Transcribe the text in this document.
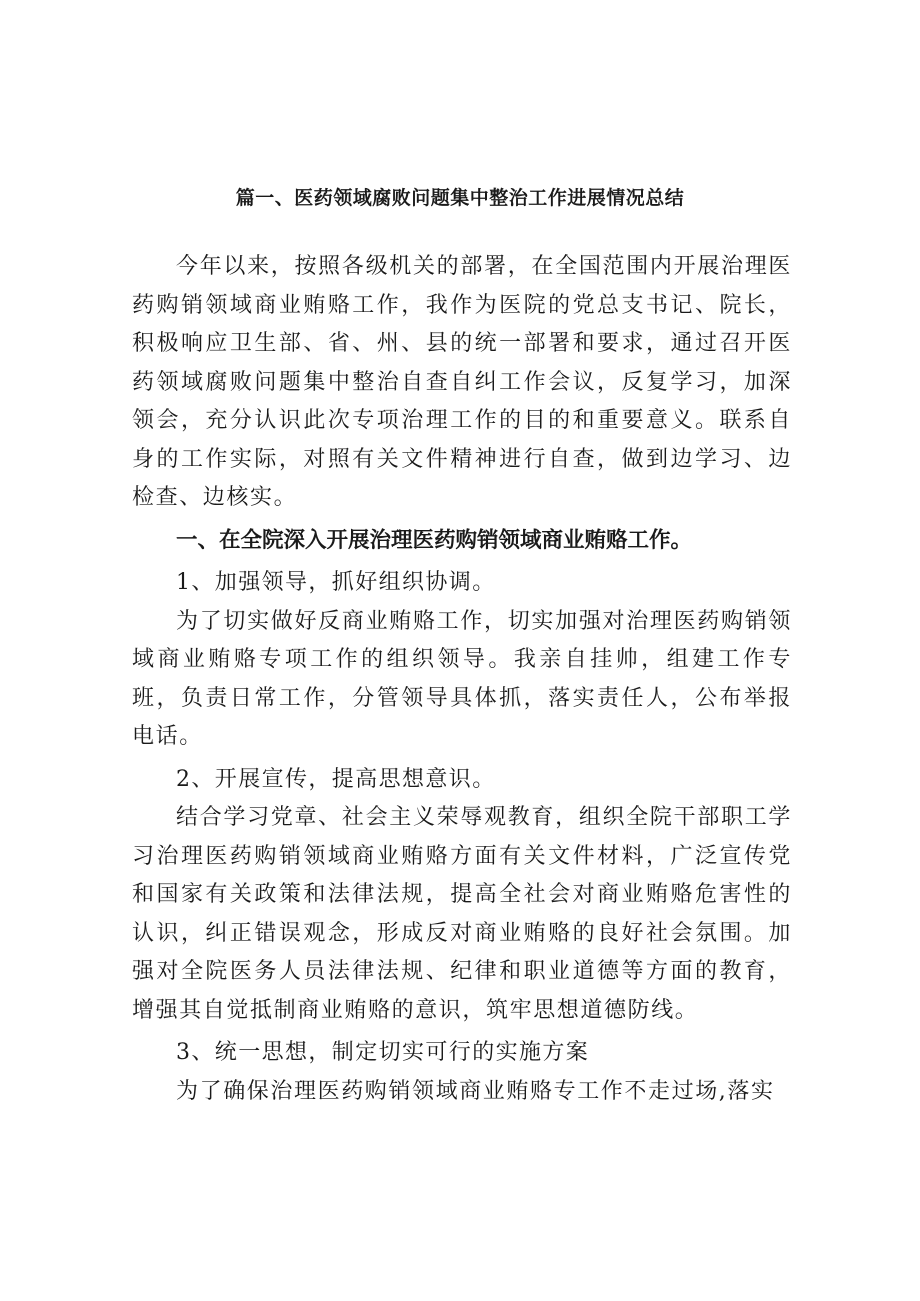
篇一、医药领域腐败问题集中整治工作进展情况总结

今年以来，按照各级机关的部署，在全国范围内开展治理医药购销领域商业贿赂工作，我作为医院的党总支书记、院长，积极响应卫生部、省、州、县的统一部署和要求，通过召开医药领域腐败问题集中整治自查自纠工作会议，反复学习，加深领会，充分认识此次专项治理工作的目的和重要意义。联系自身的工作实际，对照有关文件精神进行自查，做到边学习、边检查、边核实。

一、在全院深入开展治理医药购销领域商业贿赂工作。

1、加强领导，抓好组织协调。

为了切实做好反商业贿赂工作，切实加强对治理医药购销领域商业贿赂专项工作的组织领导。我亲自挂帅，组建工作专班，负责日常工作，分管领导具体抓，落实责任人，公布举报电话。

2、开展宣传，提高思想意识。

结合学习党章、社会主义荣辱观教育，组织全院干部职工学习治理医药购销领域商业贿赂方面有关文件材料，广泛宣传党和国家有关政策和法律法规，提高全社会对商业贿赂危害性的认识，纠正错误观念，形成反对商业贿赂的良好社会氛围。加强对全院医务人员法律法规、纪律和职业道德等方面的教育，增强其自觉抵制商业贿赂的意识，筑牢思想道德防线。

3、统一思想，制定切实可行的实施方案

为了确保治理医药购销领域商业贿赂专工作不走过场,落实
